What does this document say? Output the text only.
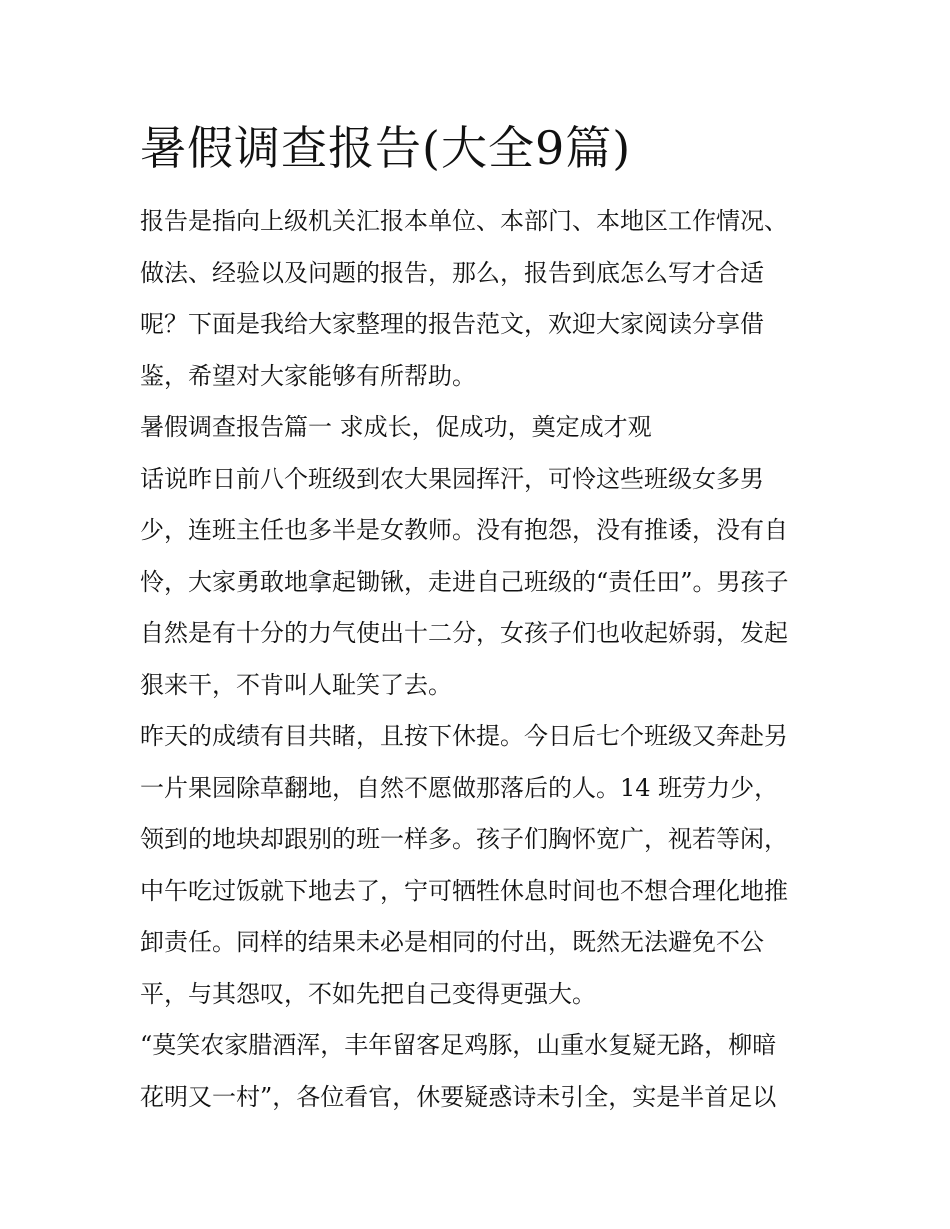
暑假调查报告(大全9篇)
报告是指向上级机关汇报本单位、本部门、本地区工作情况、
做法、经验以及问题的报告，那么，报告到底怎么写才合适
呢？下面是我给大家整理的报告范文，欢迎大家阅读分享借
鉴，希望对大家能够有所帮助。
暑假调查报告篇一 求成长，促成功，奠定成才观
话说昨日前八个班级到农大果园挥汗，可怜这些班级女多男
少，连班主任也多半是女教师。没有抱怨，没有推诿，没有自
怜，大家勇敢地拿起锄锹，走进自己班级的“责任田”。男孩子
自然是有十分的力气使出十二分，女孩子们也收起娇弱，发起
狠来干，不肯叫人耻笑了去。
昨天的成绩有目共睹，且按下休提。今日后七个班级又奔赴另
一片果园除草翻地，自然不愿做那落后的人。14 班劳力少，
领到的地块却跟别的班一样多。孩子们胸怀宽广，视若等闲，
中午吃过饭就下地去了，宁可牺牲休息时间也不想合理化地推
卸责任。同样的结果未必是相同的付出，既然无法避免不公
平，与其怨叹，不如先把自己变得更强大。
“莫笑农家腊酒浑，丰年留客足鸡豚，山重水复疑无路，柳暗
花明又一村”，各位看官，休要疑惑诗未引全，实是半首足以
